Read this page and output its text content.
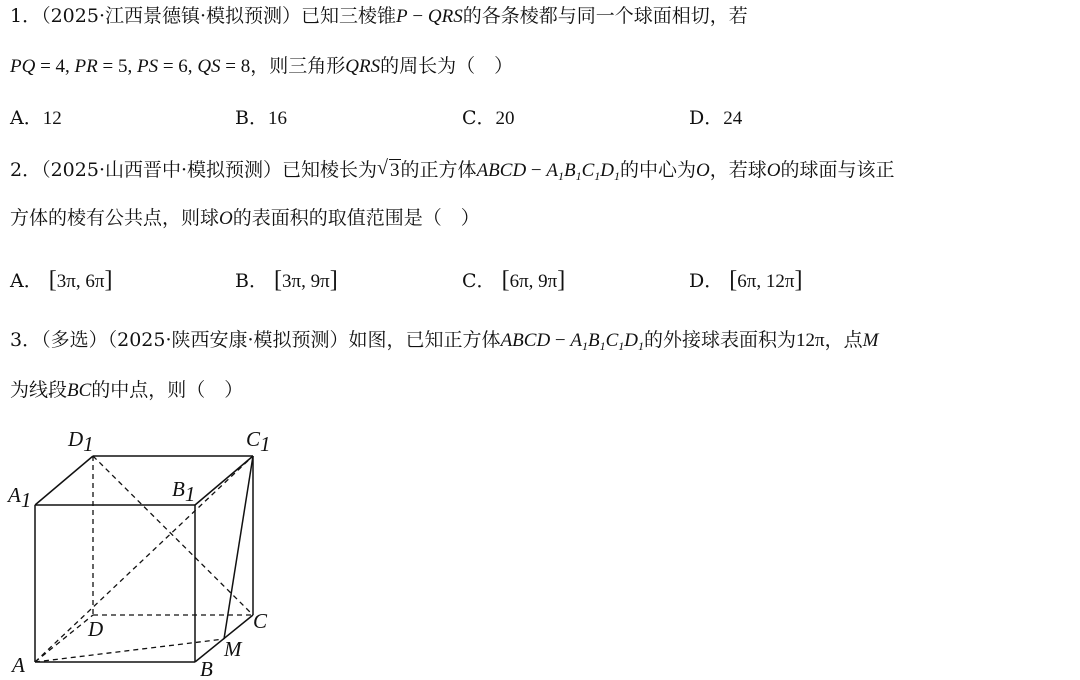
1．（2025·江西景德镇·模拟预测）已知三棱锥P − QRS的各条棱都与同一个球面相切，若
PQ = 4, PR = 5, PS = 6, QS = 8，则三角形QRS的周长为（　）
A．12	B．16	C．20	D．24
2．（2025·山西晋中·模拟预测）已知棱长为 √ 3的正方体ABCD − $A_1B_1C_1D_1$的中心为O，若球O的球面与该正
方体的棱有公共点，则球O的表面积的取值范围是（　）
A． [3π, 6π]	B． [3π, 9π]	C． [6π, 9π]	D． [6π, 12π]
3．（多选）（2025·陕西安康·模拟预测）如图，已知正方体ABCD − $A_1B_1C_1D_1$的外接球表面积为12π，点M
为线段BC的中点，则（　）
D1	C1
A1	B1
D	C
A	B
M
